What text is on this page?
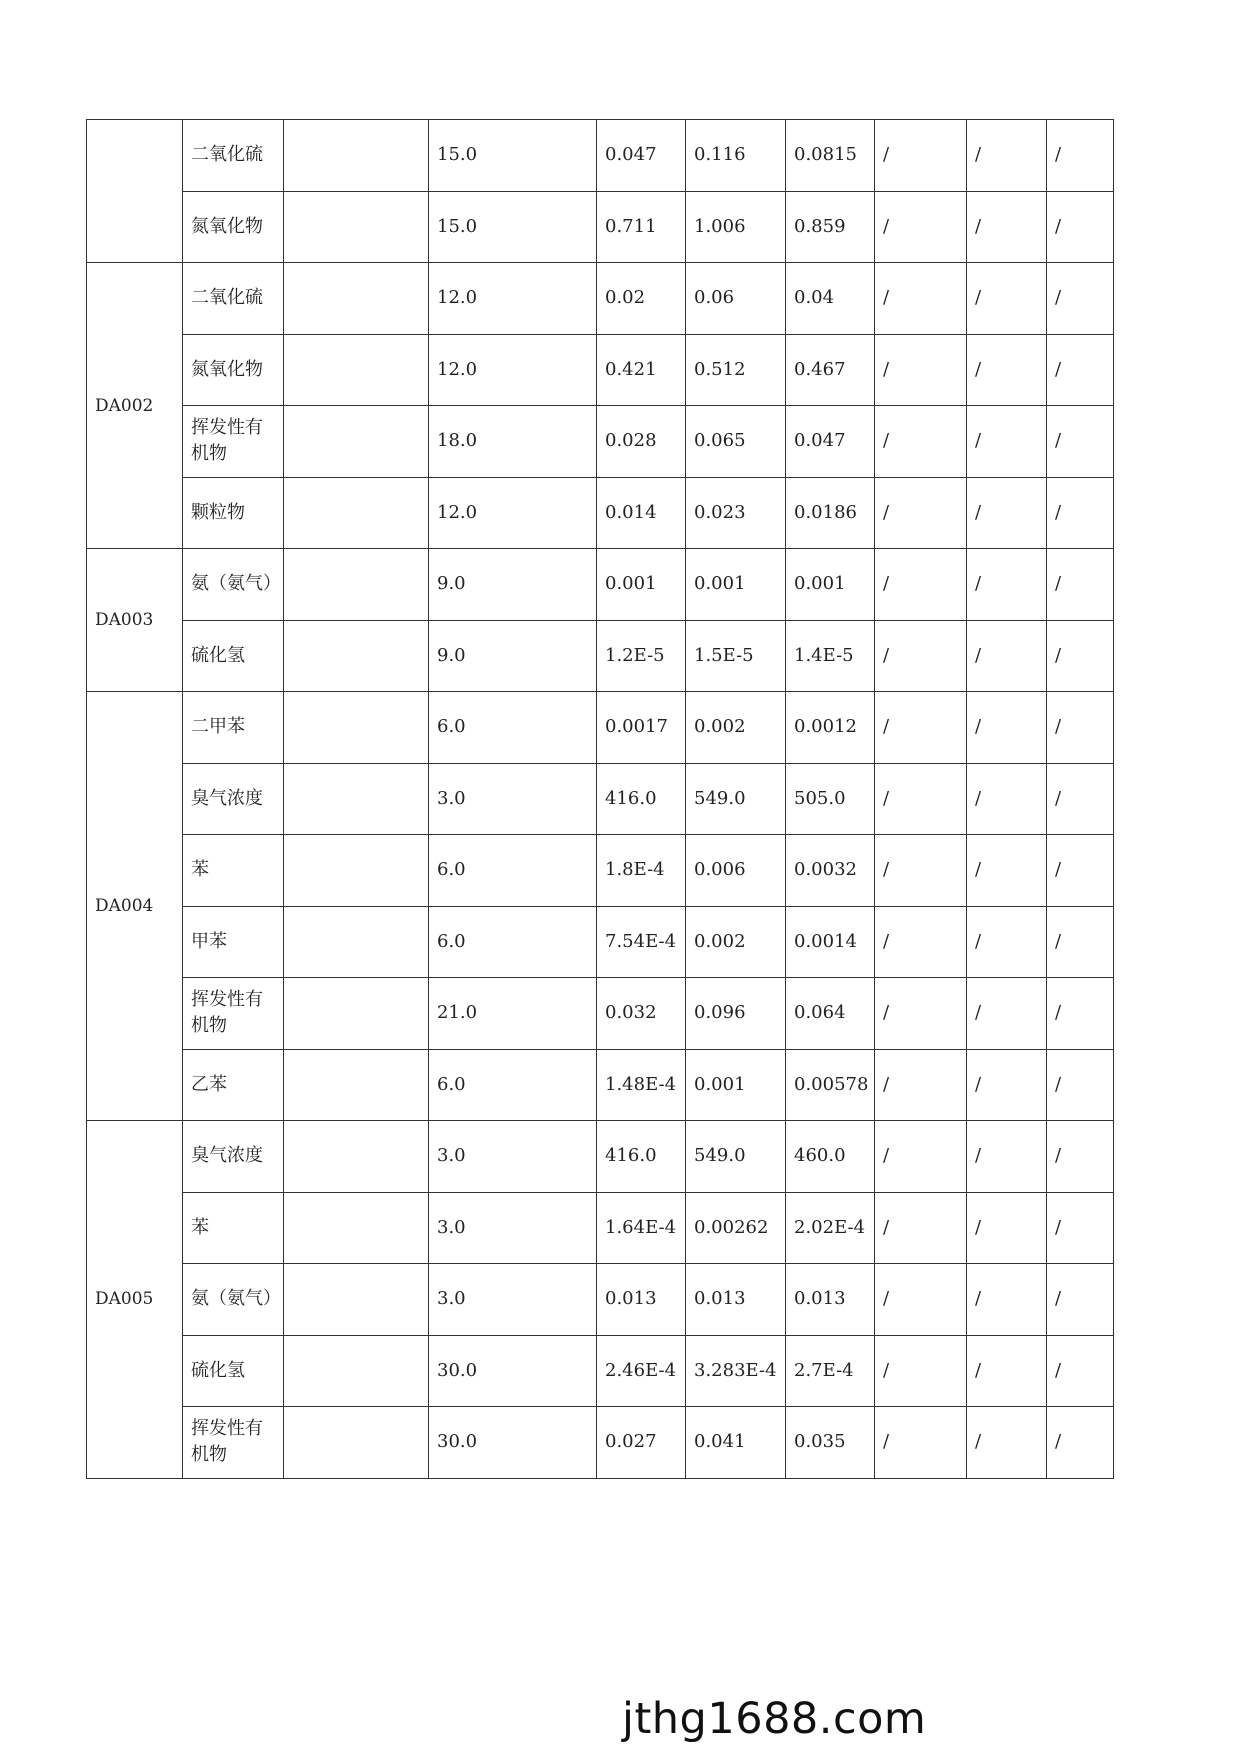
	二氧化硫		15.0	0.047	0.116	0.0815	/	/	/
	氮氧化物		15.0	0.711	1.006	0.859	/	/	/
DA002	二氧化硫		12.0	0.02	0.06	0.04	/	/	/
	氮氧化物		12.0	0.421	0.512	0.467	/	/	/
	挥发性有机物		18.0	0.028	0.065	0.047	/	/	/
	颗粒物		12.0	0.014	0.023	0.0186	/	/	/
DA003	氨（氨气）		9.0	0.001	0.001	0.001	/	/	/
	硫化氢		9.0	1.2E-5	1.5E-5	1.4E-5	/	/	/
DA004	二甲苯		6.0	0.0017	0.002	0.0012	/	/	/
	臭气浓度		3.0	416.0	549.0	505.0	/	/	/
	苯		6.0	1.8E-4	0.006	0.0032	/	/	/
	甲苯		6.0	7.54E-4	0.002	0.0014	/	/	/
	挥发性有机物		21.0	0.032	0.096	0.064	/	/	/
	乙苯		6.0	1.48E-4	0.001	0.00578	/	/	/
DA005	臭气浓度		3.0	416.0	549.0	460.0	/	/	/
	苯		3.0	1.64E-4	0.00262	2.02E-4	/	/	/
	氨（氨气）		3.0	0.013	0.013	0.013	/	/	/
	硫化氢		30.0	2.46E-4	3.283E-4	2.7E-4	/	/	/
	挥发性有机物		30.0	0.027	0.041	0.035	/	/	/
jthg1688.com
